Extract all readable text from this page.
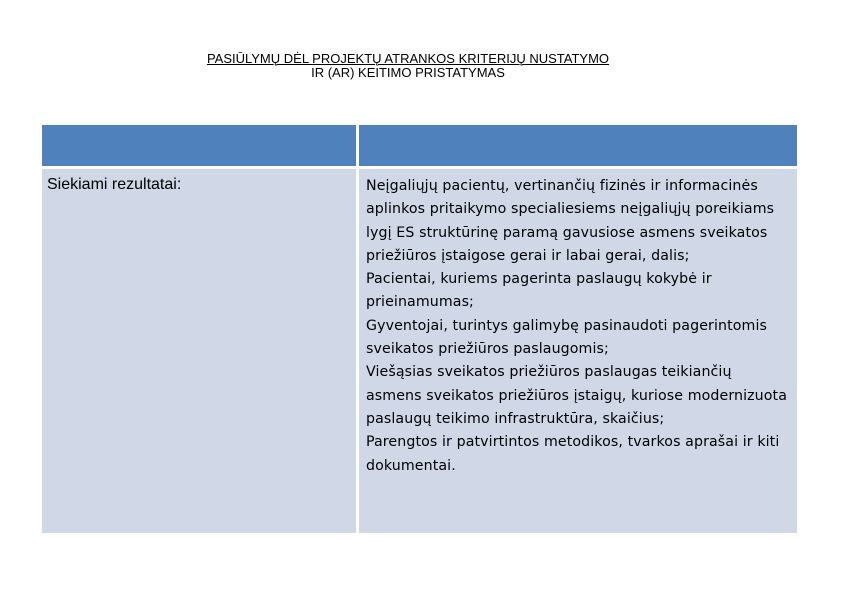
PASIŪLYMŲ DĖL PROJEKTŲ ATRANKOS KRITERIJŲ NUSTATYMO
IR (AR) KEITIMO PRISTATYMAS

Siekiami rezultatai:	Neįgaliųjų pacientų, vertinančių fizinės ir informacinės aplinkos pritaikymo specialiesiems neįgaliųjų poreikiams lygį ES struktūrinę paramą gavusiose asmens sveikatos priežiūros įstaigose gerai ir labai gerai, dalis;
Pacientai, kuriems pagerinta paslaugų kokybė ir prieinamumas;
Gyventojai, turintys galimybę pasinaudoti pagerintomis sveikatos priežiūros paslaugomis;
Viešąsias sveikatos priežiūros paslaugas teikiančių asmens sveikatos priežiūros įstaigų, kuriose modernizuota paslaugų teikimo infrastruktūra, skaičius;
Parengtos ir patvirtintos metodikos, tvarkos aprašai ir kiti dokumentai.
